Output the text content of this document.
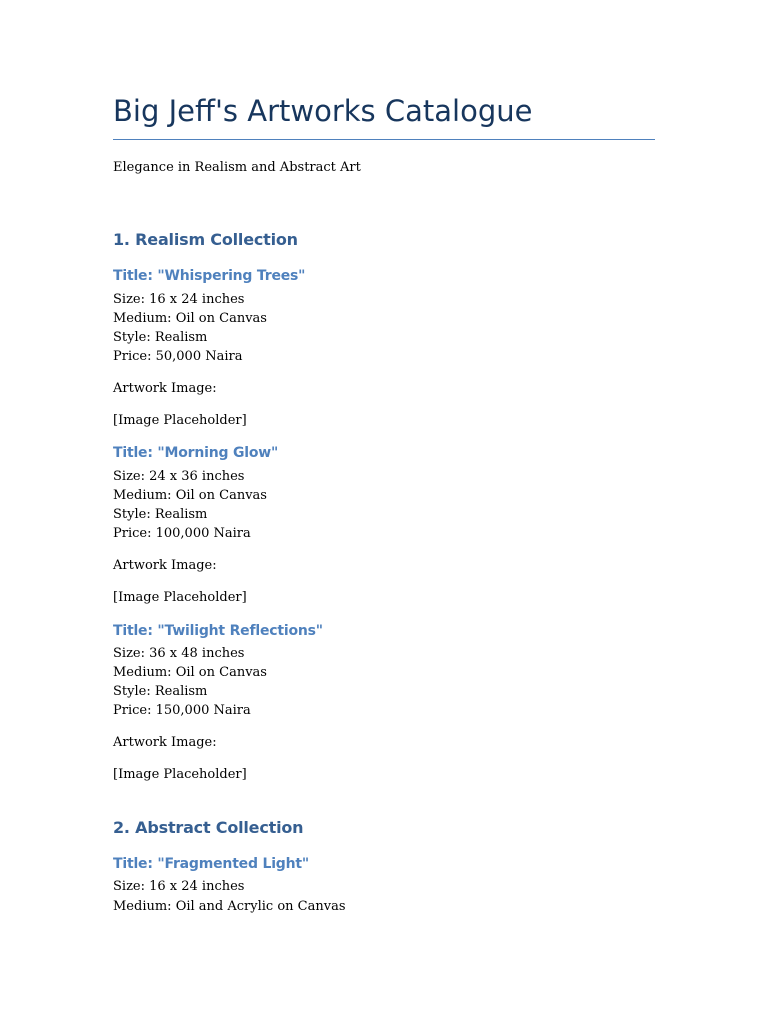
Big Jeff's Artworks Catalogue
Elegance in Realism and Abstract Art
1. Realism Collection
Title: "Whispering Trees"
Size: 16 x 24 inches
Medium: Oil on Canvas
Style: Realism
Price: 50,000 Naira
Artwork Image:
[Image Placeholder]
Title: "Morning Glow"
Size: 24 x 36 inches
Medium: Oil on Canvas
Style: Realism
Price: 100,000 Naira
Artwork Image:
[Image Placeholder]
Title: "Twilight Reflections"
Size: 36 x 48 inches
Medium: Oil on Canvas
Style: Realism
Price: 150,000 Naira
Artwork Image:
[Image Placeholder]
2. Abstract Collection
Title: "Fragmented Light"
Size: 16 x 24 inches
Medium: Oil and Acrylic on Canvas
